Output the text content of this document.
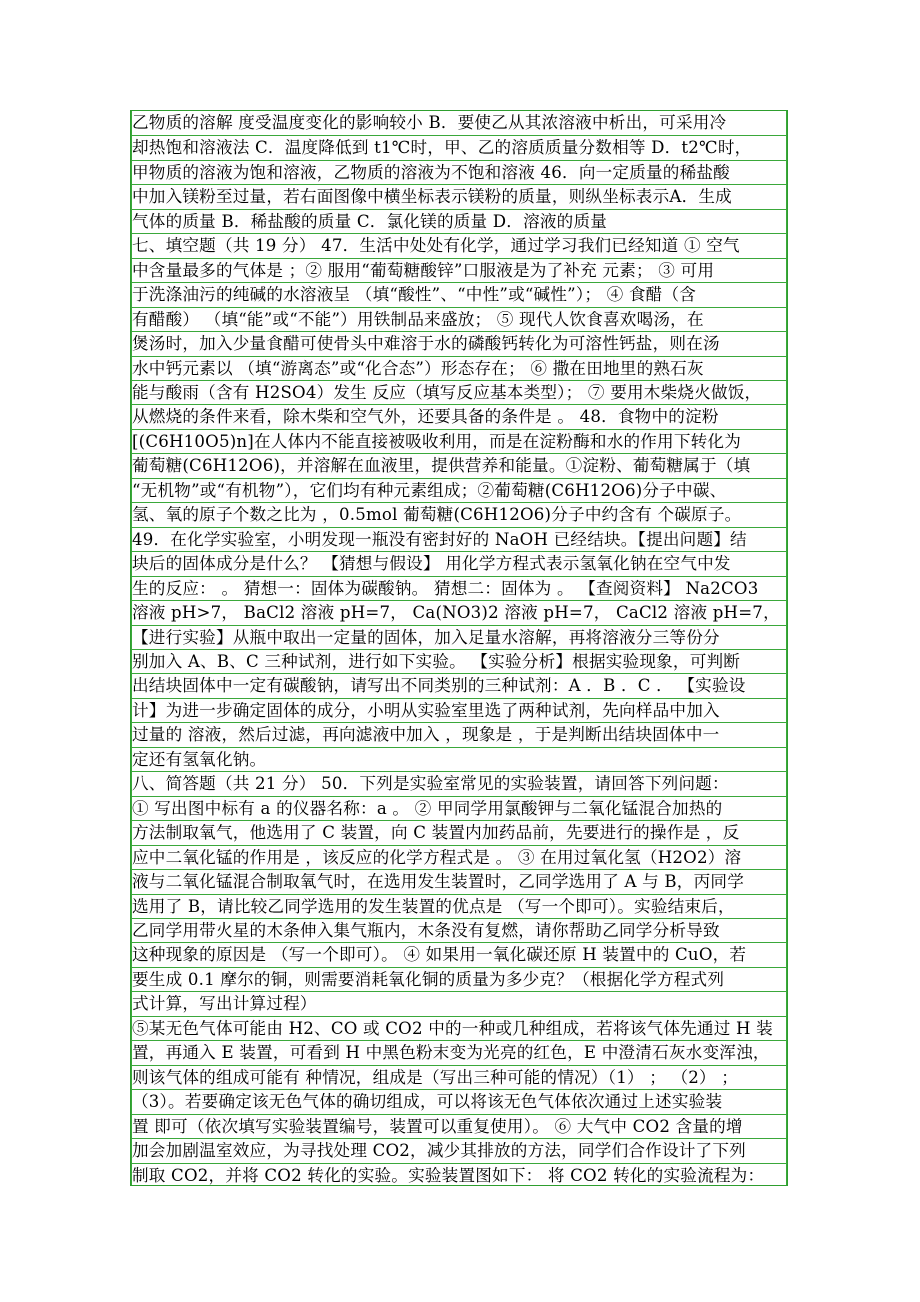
乙物质的溶解 度受温度变化的影响较小 B．要使乙从其浓溶液中析出，可采用冷
却热饱和溶液法 C．温度降低到 t1℃时，甲、乙的溶质质量分数相等 D．t2℃时，
甲物质的溶液为饱和溶液，乙物质的溶液为不饱和溶液 46．向一定质量的稀盐酸
中加入镁粉至过量，若右面图像中横坐标表示镁粉的质量，则纵坐标表示A．生成
气体的质量 B．稀盐酸的质量 C．氯化镁的质量 D．溶液的质量
七、填空题（共 19 分） 47．生活中处处有化学，通过学习我们已经知道 ① 空气
中含量最多的气体是 ；② 服用“葡萄糖酸锌”口服液是为了补充 元素； ③ 可用
于洗涤油污的纯碱的水溶液呈 （填“酸性”、“中性”或“碱性”）； ④ 食醋（含
有醋酸） （填“能”或“不能”）用铁制品来盛放； ⑤ 现代人饮食喜欢喝汤，在
煲汤时，加入少量食醋可使骨头中难溶于水的磷酸钙转化为可溶性钙盐，则在汤
水中钙元素以 （填“游离态”或“化合态”）形态存在； ⑥ 撒在田地里的熟石灰
能与酸雨（含有 H2SO4）发生 反应（填写反应基本类型）； ⑦ 要用木柴烧火做饭，
从燃烧的条件来看，除木柴和空气外，还要具备的条件是 。 48．食物中的淀粉
[(C6H10O5)n]在人体内不能直接被吸收利用，而是在淀粉酶和水的作用下转化为
葡萄糖(C6H12O6)，并溶解在血液里，提供营养和能量。①淀粉、葡萄糖属于（填
“无机物”或“有机物”），它们均有种元素组成；②葡萄糖(C6H12O6)分子中碳、
氢、氧的原子个数之比为 ，0.5mol 葡萄糖(C6H12O6)分子中约含有 个碳原子。
49．在化学实验室，小明发现一瓶没有密封好的 NaOH 已经结块。【提出问题】结
块后的固体成分是什么？ 【猜想与假设】 用化学方程式表示氢氧化钠在空气中发
生的反应： 。 猜想一：固体为碳酸钠。 猜想二：固体为 。 【查阅资料】 Na2CO3
溶液 pH>7， BaCl2 溶液 pH=7， Ca(NO3)2 溶液 pH=7， CaCl2 溶液 pH=7，
【进行实验】从瓶中取出一定量的固体，加入足量水溶解，再将溶液分三等份分
别加入 A、B、C 三种试剂，进行如下实验。 【实验分析】根据实验现象，可判断
出结块固体中一定有碳酸钠，请写出不同类别的三种试剂：A ．B ．C ． 【实验设
计】为进一步确定固体的成分，小明从实验室里选了两种试剂，先向样品中加入
过量的 溶液，然后过滤，再向滤液中加入 ，现象是 ，于是判断出结块固体中一
定还有氢氧化钠。
八、简答题（共 21 分） 50．下列是实验室常见的实验装置，请回答下列问题：
① 写出图中标有 a 的仪器名称：a 。 ② 甲同学用氯酸钾与二氧化锰混合加热的
方法制取氧气，他选用了 C 装置，向 C 装置内加药品前，先要进行的操作是 ，反
应中二氧化锰的作用是 ，该反应的化学方程式是 。 ③ 在用过氧化氢（H2O2）溶
液与二氧化锰混合制取氧气时，在选用发生装置时，乙同学选用了 A 与 B，丙同学
选用了 B，请比较乙同学选用的发生装置的优点是 （写一个即可）。实验结束后，
乙同学用带火星的木条伸入集气瓶内，木条没有复燃，请你帮助乙同学分析导致
这种现象的原因是 （写一个即可）。 ④ 如果用一氧化碳还原 H 装置中的 CuO，若
要生成 0.1 摩尔的铜，则需要消耗氧化铜的质量为多少克？（根据化学方程式列
式计算，写出计算过程）
⑤某无色气体可能由 H2、CO 或 CO2 中的一种或几种组成，若将该气体先通过 H 装
置，再通入 E 装置，可看到 H 中黑色粉末变为光亮的红色，E 中澄清石灰水变浑浊，
则该气体的组成可能有 种情况，组成是（写出三种可能的情况）（1） ； （2） ；
（3）。若要确定该无色气体的确切组成，可以将该无色气体依次通过上述实验装
置 即可（依次填写实验装置编号，装置可以重复使用）。 ⑥ 大气中 CO2 含量的增
加会加剧温室效应，为寻找处理 CO2，减少其排放的方法，同学们合作设计了下列
制取 CO2，并将 CO2 转化的实验。实验装置图如下： 将 CO2 转化的实验流程为：
